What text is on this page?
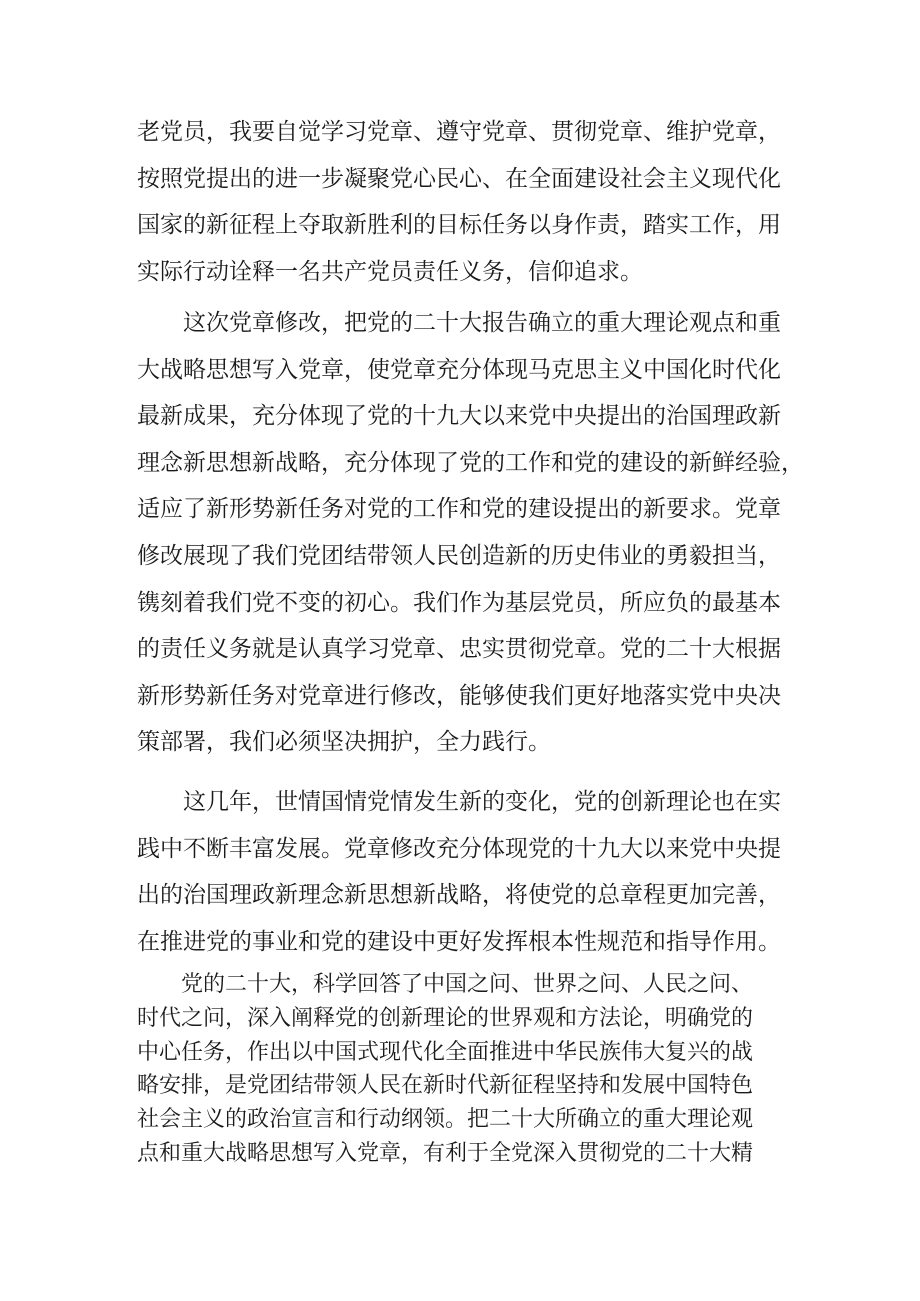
老党员，我要自觉学习党章、遵守党章、贯彻党章、维护党章，

按照党提出的进一步凝聚党心民心、在全面建设社会主义现代化

国家的新征程上夺取新胜利的目标任务以身作责，踏实工作，用

实际行动诠释一名共产党员责任义务，信仰追求。

这次党章修改，把党的二十大报告确立的重大理论观点和重

大战略思想写入党章，使党章充分体现马克思主义中国化时代化

最新成果，充分体现了党的十九大以来党中央提出的治国理政新

理念新思想新战略，充分体现了党的工作和党的建设的新鲜经验，

适应了新形势新任务对党的工作和党的建设提出的新要求。党章

修改展现了我们党团结带领人民创造新的历史伟业的勇毅担当，

镌刻着我们党不变的初心。我们作为基层党员，所应负的最基本

的责任义务就是认真学习党章、忠实贯彻党章。党的二十大根据

新形势新任务对党章进行修改，能够使我们更好地落实党中央决

策部署，我们必须坚决拥护，全力践行。

这几年，世情国情党情发生新的变化，党的创新理论也在实

践中不断丰富发展。党章修改充分体现党的十九大以来党中央提

出的治国理政新理念新思想新战略，将使党的总章程更加完善，

在推进党的事业和党的建设中更好发挥根本性规范和指导作用。

党的二十大，科学回答了中国之问、世界之问、人民之问、

时代之问，深入阐释党的创新理论的世界观和方法论，明确党的

中心任务，作出以中国式现代化全面推进中华民族伟大复兴的战

略安排，是党团结带领人民在新时代新征程坚持和发展中国特色

社会主义的政治宣言和行动纲领。把二十大所确立的重大理论观

点和重大战略思想写入党章，有利于全党深入贯彻党的二十大精
